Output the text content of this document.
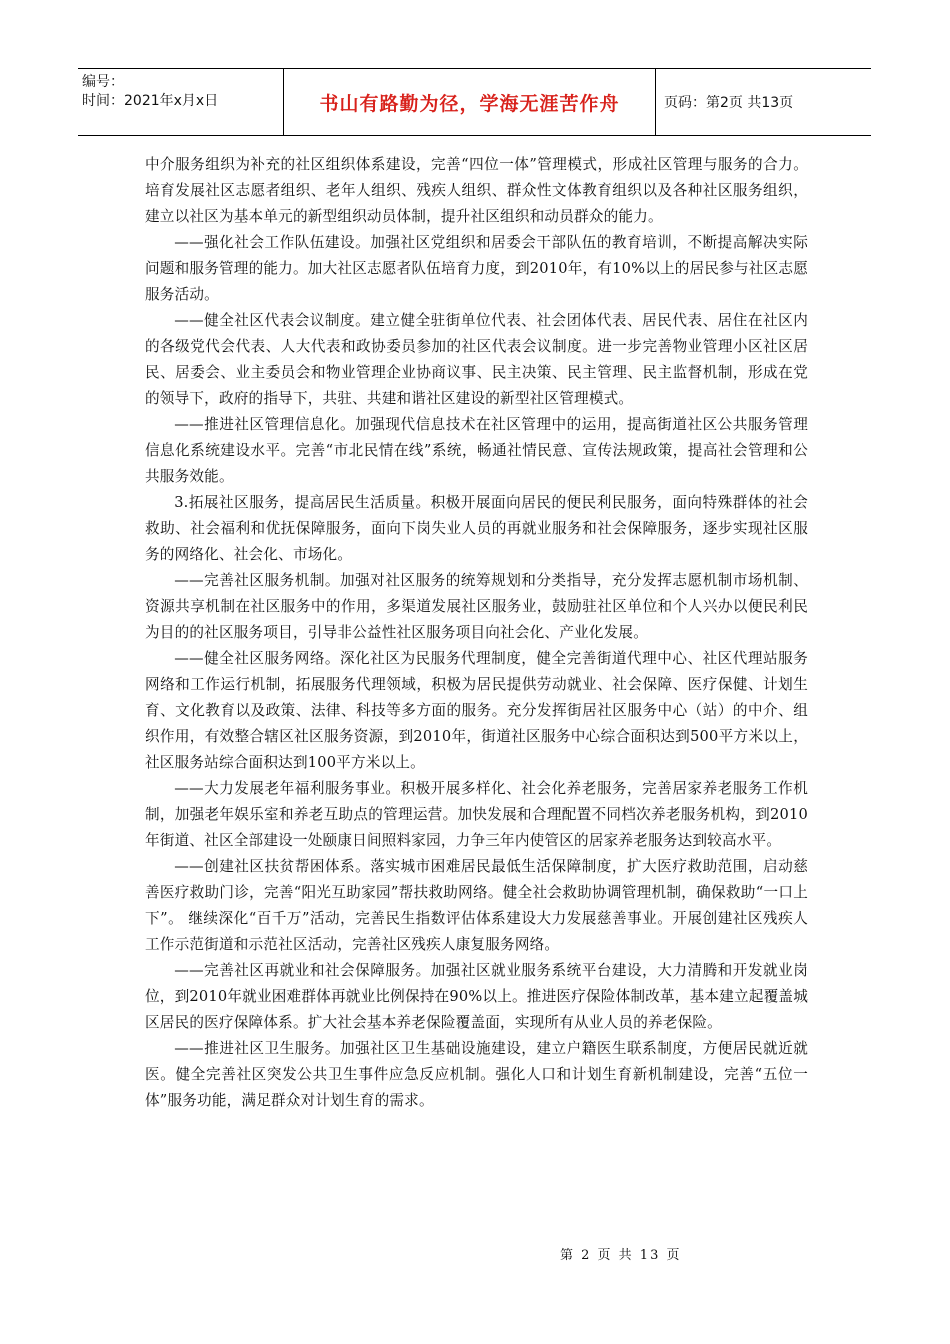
编号：
时间：2021年x月x日	书山有路勤为径，学海无涯苦作舟	页码：第2页 共13页

中介服务组织为补充的社区组织体系建设，完善“四位一体”管理模式，形成社区管理与服务的合力。培育发展社区志愿者组织、老年人组织、残疾人组织、群众性文体教育组织以及各种社区服务组织，建立以社区为基本单元的新型组织动员体制，提升社区组织和动员群众的能力。

——强化社会工作队伍建设。加强社区党组织和居委会干部队伍的教育培训，不断提高解决实际问题和服务管理的能力。加大社区志愿者队伍培育力度，到2010年，有10%以上的居民参与社区志愿服务活动。

——健全社区代表会议制度。建立健全驻街单位代表、社会团体代表、居民代表、居住在社区内的各级党代会代表、人大代表和政协委员参加的社区代表会议制度。进一步完善物业管理小区社区居民、居委会、业主委员会和物业管理企业协商议事、民主决策、民主管理、民主监督机制，形成在党的领导下，政府的指导下，共驻、共建和谐社区建设的新型社区管理模式。

——推进社区管理信息化。加强现代信息技术在社区管理中的运用，提高街道社区公共服务管理信息化系统建设水平。完善“市北民情在线”系统，畅通社情民意、宣传法规政策，提高社会管理和公共服务效能。

3.拓展社区服务，提高居民生活质量。积极开展面向居民的便民利民服务，面向特殊群体的社会救助、社会福利和优抚保障服务，面向下岗失业人员的再就业服务和社会保障服务，逐步实现社区服务的网络化、社会化、市场化。

——完善社区服务机制。加强对社区服务的统筹规划和分类指导，充分发挥志愿机制市场机制、资源共享机制在社区服务中的作用，多渠道发展社区服务业，鼓励驻社区单位和个人兴办以便民利民为目的的社区服务项目，引导非公益性社区服务项目向社会化、产业化发展。

——健全社区服务网络。深化社区为民服务代理制度，健全完善街道代理中心、社区代理站服务网络和工作运行机制，拓展服务代理领域，积极为居民提供劳动就业、社会保障、医疗保健、计划生育、文化教育以及政策、法律、科技等多方面的服务。充分发挥街居社区服务中心（站）的中介、组织作用，有效整合辖区社区服务资源，到2010年，街道社区服务中心综合面积达到500平方米以上，社区服务站综合面积达到100平方米以上。

——大力发展老年福利服务事业。积极开展多样化、社会化养老服务，完善居家养老服务工作机制，加强老年娱乐室和养老互助点的管理运营。加快发展和合理配置不同档次养老服务机构，到2010年街道、社区全部建设一处颐康日间照料家园，力争三年内使管区的居家养老服务达到较高水平。

——创建社区扶贫帮困体系。落实城市困难居民最低生活保障制度，扩大医疗救助范围，启动慈善医疗救助门诊，完善“阳光互助家园”帮扶救助网络。健全社会救助协调管理机制，确保救助“一口上下”。 继续深化“百千万”活动，完善民生指数评估体系建设大力发展慈善事业。开展创建社区残疾人工作示范街道和示范社区活动，完善社区残疾人康复服务网络。

——完善社区再就业和社会保障服务。加强社区就业服务系统平台建设，大力清腾和开发就业岗位，到2010年就业困难群体再就业比例保持在90%以上。推进医疗保险体制改革，基本建立起覆盖城区居民的医疗保障体系。扩大社会基本养老保险覆盖面，实现所有从业人员的养老保险。

——推进社区卫生服务。加强社区卫生基础设施建设，建立户籍医生联系制度，方便居民就近就医。健全完善社区突发公共卫生事件应急反应机制。强化人口和计划生育新机制建设，完善“五位一体”服务功能，满足群众对计划生育的需求。

第 2 页 共 13 页
